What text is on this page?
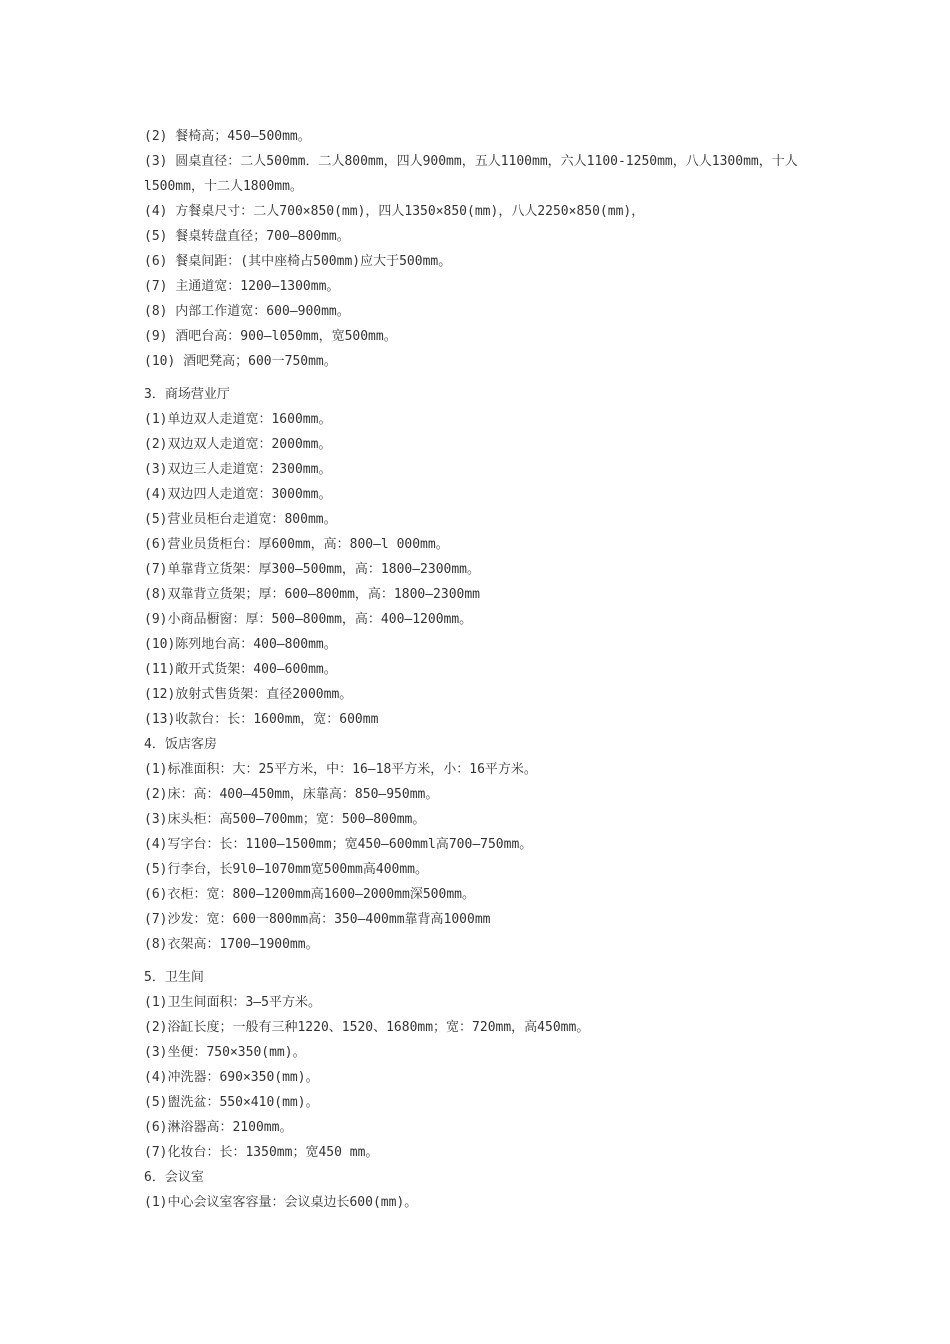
(2) 餐椅高；450—500mm。
(3) 圆桌直径：二人500mm．二人800mm，四人900mm，五人1100mm，六人1100-1250mm，八人1300mm，十人l500mm，十二人1800mm。
(4) 方餐桌尺寸：二人700×850(mm)，四人1350×850(mm)，八人2250×850(mm)，
(5) 餐桌转盘直径；700—800mm。
(6) 餐桌间距：(其中座椅占500mm)应大于500mm。
(7) 主通道宽：1200—1300mm。
(8) 内部工作道宽：600—900mm。
(9) 酒吧台高：900—l050mm，宽500mm。
(10) 酒吧凳高；600一750mm。
3．商场营业厅
(1)单边双人走道宽：1600mm。
(2)双边双人走道宽：2000mm。
(3)双边三人走道宽：2300mm。
(4)双边四人走道宽：3000mm。
(5)营业员柜台走道宽：800mm。
(6)营业员货柜台：厚600mm，高：800—l 000mm。
(7)单靠背立货架：厚300—500mm，高：1800—2300mm。
(8)双靠背立货架；厚：600—800mm，高：1800—2300mm
(9)小商品橱窗：厚：500—800mm，高：400—1200mm。
(10)陈列地台高：400—800mm。
(11)敞开式货架：400—600mm。
(12)放射式售货架：直径2000mm。
(13)收款台：长：1600mm，宽：600mm
4．饭店客房
(1)标准面积：大：25平方米，中：16—18平方米，小：16平方米。
(2)床：高：400—450mm，床靠高：850—950mm。
(3)床头柜：高500—700mm；宽：500—800mm。
(4)写字台：长：1100—1500mm；宽450—600mml高700—750mm。
(5)行李台，长9l0—1070mm宽500mm高400mm。
(6)衣柜：宽：800—1200mm高1600—2000mm深500mm。
(7)沙发：宽：600一800mm高：350—400mm靠背高1000mm
(8)衣架高：1700—1900mm。
5．卫生间
(1)卫生间面积：3—5平方米。
(2)浴缸长度；一般有三种1220、1520、1680mm；宽：720mm，高450mm。
(3)坐便：750×350(mm)。
(4)冲洗器：690×350(mm)。
(5)盥洗盆：550×410(mm)。
(6)淋浴器高：2100mm。
(7)化妆台：长：1350mm；宽450 mm。
6．会议室
(1)中心会议室客容量：会议桌边长600(mm)。
